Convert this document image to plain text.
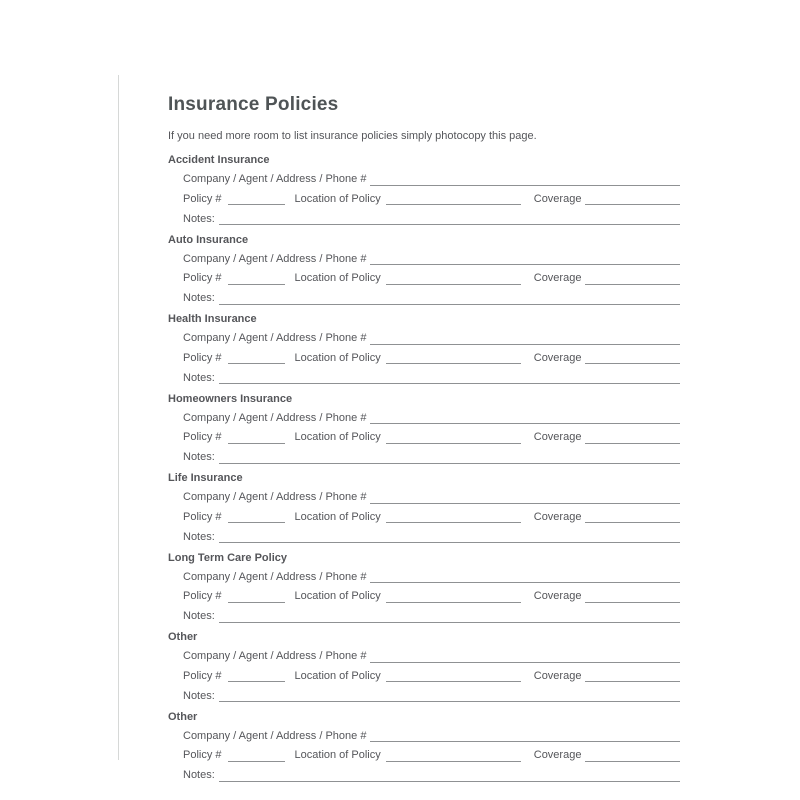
Insurance Policies

If you need more room to list insurance policies simply photocopy this page.

Accident Insurance
Company / Agent / Address / Phone #
Policy #	Location of Policy	Coverage
Notes:
Auto Insurance
Company / Agent / Address / Phone #
Policy #	Location of Policy	Coverage
Notes:
Health Insurance
Company / Agent / Address / Phone #
Policy #	Location of Policy	Coverage
Notes:
Homeowners Insurance
Company / Agent / Address / Phone #
Policy #	Location of Policy	Coverage
Notes:
Life Insurance
Company / Agent / Address / Phone #
Policy #	Location of Policy	Coverage
Notes:
Long Term Care Policy
Company / Agent / Address / Phone #
Policy #	Location of Policy	Coverage
Notes:
Other
Company / Agent / Address / Phone #
Policy #	Location of Policy	Coverage
Notes:
Other
Company / Agent / Address / Phone #
Policy #	Location of Policy	Coverage
Notes:
